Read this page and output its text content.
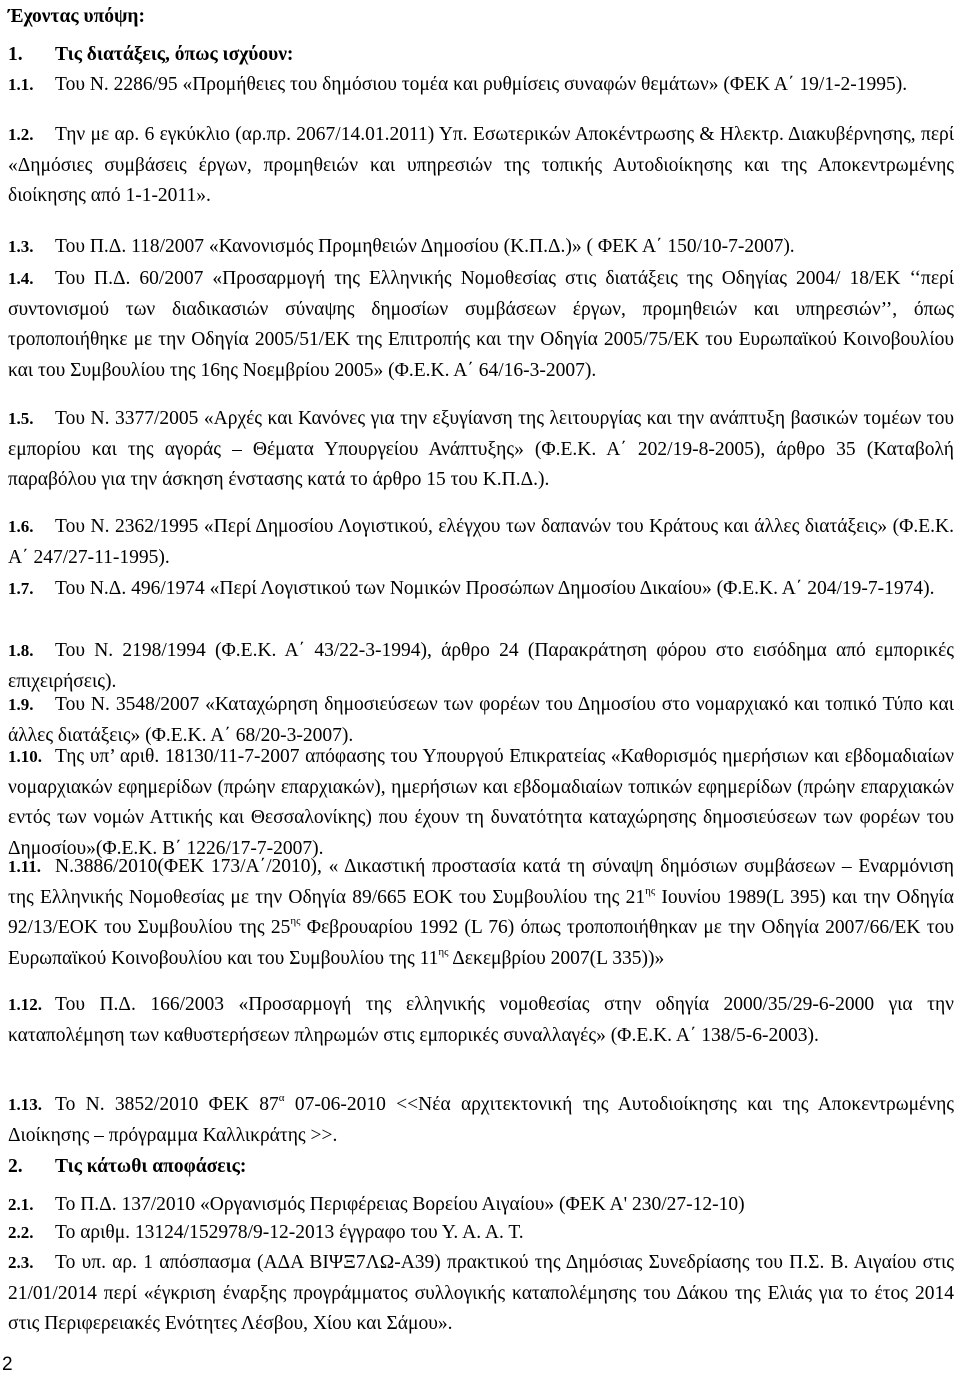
Έχοντας υπόψη:
1. Τις διατάξεις, όπως ισχύουν:
1.1. Του Ν. 2286/95 «Προμήθειες του δημόσιου τομέα και ρυθμίσεις συναφών θεμάτων» (ΦΕΚ Α΄ 19/1-2-1995).
1.2.	Την με αρ. 6 εγκύκλιο (αρ.πρ. 2067/14.01.2011) Υπ. Εσωτερικών Αποκέντρωσης & Ηλεκτρ. Διακυβέρνησης, περί «Δημόσιες συμβάσεις έργων, προμηθειών και υπηρεσιών της τοπικής Αυτοδιοίκησης και της Αποκεντρωμένης διοίκησης από 1-1-2011».
1.3. Του Π.Δ. 118/2007 «Κανονισμός Προμηθειών Δημοσίου (Κ.Π.Δ.)» ( ΦΕΚ Α΄ 150/10-7-2007).
1.4.	Του Π.Δ. 60/2007 «Προσαρμογή της Ελληνικής Νομοθεσίας στις διατάξεις της Οδηγίας 2004/ 18/ΕΚ ‘‘περί συντονισμού των διαδικασιών σύναψης δημοσίων συμβάσεων έργων, προμηθειών και υπηρεσιών’’, όπως τροποποιήθηκε με την Οδηγία 2005/51/ΕΚ της Επιτροπής και την Οδηγία 2005/75/ΕΚ του Ευρωπαϊκού Κοινοβουλίου και του Συμβουλίου της 16ης Νοεμβρίου 2005» (Φ.Ε.Κ. Α΄ 64/16-3-2007).
1.5.	Του Ν. 3377/2005 «Αρχές και Κανόνες για την εξυγίανση της λειτουργίας και την ανάπτυξη βασικών τομέων του εμπορίου και της αγοράς – Θέματα Υπουργείου Ανάπτυξης» (Φ.Ε.Κ. Α΄ 202/19-8-2005), άρθρο 35 (Καταβολή παραβόλου για την άσκηση ένστασης κατά το άρθρο 15 του Κ.Π.Δ.).
1.6.	Του Ν. 2362/1995 «Περί Δημοσίου Λογιστικού, ελέγχου των δαπανών του Κράτους και άλλες διατάξεις» (Φ.Ε.Κ. Α΄ 247/27-11-1995).
1.7.	Του Ν.Δ. 496/1974 «Περί Λογιστικού των Νομικών Προσώπων Δημοσίου Δικαίου» (Φ.Ε.Κ. Α΄ 204/19-7-1974).
1.8.	Του Ν. 2198/1994 (Φ.Ε.Κ. Α΄ 43/22-3-1994), άρθρο 24 (Παρακράτηση φόρου στο εισόδημα από εμπορικές επιχειρήσεις).
1.9.	Του Ν. 3548/2007 «Καταχώρηση δημοσιεύσεων των φορέων του Δημοσίου στο νομαρχιακό και τοπικό Τύπο και άλλες διατάξεις» (Φ.Ε.Κ. Α΄ 68/20-3-2007).
1.10. Της υπ’ αριθ. 18130/11-7-2007 απόφασης του Υπουργού Επικρατείας «Καθορισμός ημερήσιων και εβδομαδιαίων νομαρχιακών εφημερίδων (πρώην επαρχιακών), ημερήσιων και εβδομαδιαίων τοπικών εφημερίδων (πρώην επαρχιακών εντός των νομών Αττικής και Θεσσαλονίκης) που έχουν τη δυνατότητα καταχώρησης δημοσιεύσεων των φορέων του Δημοσίου»(Φ.Ε.Κ. Β΄ 1226/17-7-2007).
1.11. Ν.3886/2010(ΦΕΚ 173/Α΄/2010), « Δικαστική προστασία κατά τη σύναψη δημόσιων συμβάσεων – Εναρμόνιση της Ελληνικής Νομοθεσίας με την Οδηγία 89/665 ΕΟΚ του Συμβουλίου της $21^{\eta\varsigma}$ Ιουνίου 1989(L 395) και την Οδηγία 92/13/ΕΟΚ του Συμβουλίου της $25^{\eta\varsigma}$ Φεβρουαρίου 1992 (L 76) όπως τροποποιήθηκαν με την Οδηγία 2007/66/ΕΚ του Ευρωπαϊκού Κοινοβουλίου και του Συμβουλίου της $11^{\eta\varsigma}$ Δεκεμβρίου 2007(L 335))»
1.12. Του Π.Δ. 166/2003 «Προσαρμογή της ελληνικής νομοθεσίας στην οδηγία 2000/35/29-6-2000 για την καταπολέμηση των καθυστερήσεων πληρωμών στις εμπορικές συναλλαγές» (Φ.Ε.Κ. Α΄ 138/5-6-2003).
1.13. Το Ν. 3852/2010 ΦΕΚ $87^\alpha$ 07-06-2010 <<Νέα αρχιτεκτονική της Αυτοδιοίκησης και της Αποκεντρωμένης Διοίκησης – πρόγραμμα Καλλικράτης >>.
2. Τις κάτωθι αποφάσεις:
2.1. Το Π.Δ. 137/2010 «Οργανισμός Περιφέρειας Βορείου Αιγαίου» (ΦΕΚ Α' 230/27-12-10)
2.2. Το αριθμ. 13124/152978/9-12-2013 έγγραφο του Υ. Α. Α. Τ.
2.3.	Το υπ. αρ. 1 απόσπασμα (ΑΔΑ ΒΙΨΞ7ΛΩ-Α39) πρακτικού της Δημόσιας Συνεδρίασης του Π.Σ. Β. Αιγαίου στις 21/01/2014 περί «έγκριση έναρξης προγράμματος συλλογικής καταπολέμησης του Δάκου της Ελιάς για το έτος 2014 στις Περιφερειακές Ενότητες Λέσβου, Χίου και Σάμου».
2
